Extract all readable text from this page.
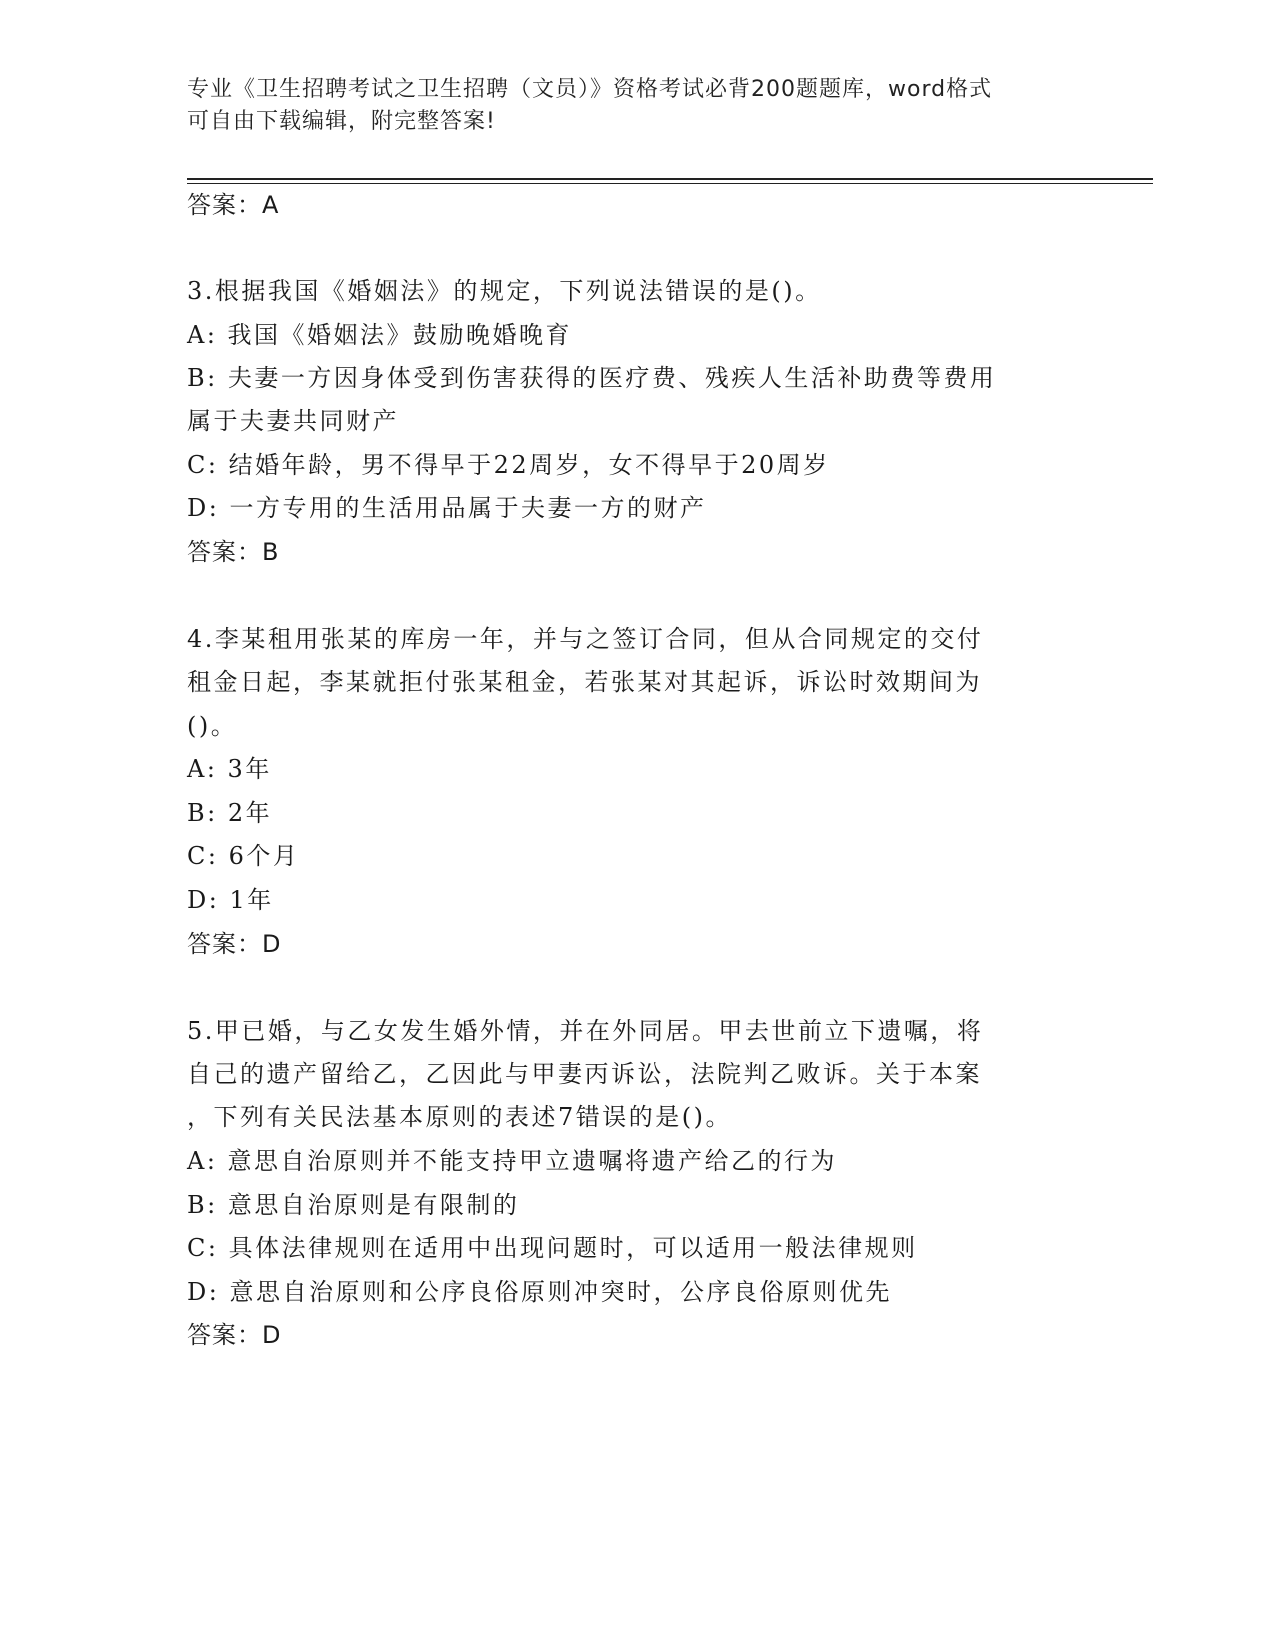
专业《卫生招聘考试之卫生招聘（文员）》资格考试必背200题题库，word格式
可自由下载编辑，附完整答案!
答案：A
3.根据我国《婚姻法》的规定，下列说法错误的是()。
A: 我国《婚姻法》鼓励晚婚晚育
B: 夫妻一方因身体受到伤害获得的医疗费、残疾人生活补助费等费用
属于夫妻共同财产
C: 结婚年龄，男不得早于22周岁，女不得早于20周岁
D: 一方专用的生活用品属于夫妻一方的财产
答案：B
4.李某租用张某的库房一年，并与之签订合同，但从合同规定的交付
租金日起，李某就拒付张某租金，若张某对其起诉，诉讼时效期间为
()。
A: 3年
B: 2年
C: 6个月
D: 1年
答案：D
5.甲已婚，与乙女发生婚外情，并在外同居。甲去世前立下遗嘱，将
自己的遗产留给乙，乙因此与甲妻丙诉讼，法院判乙败诉。关于本案
，下列有关民法基本原则的表述7错误的是()。
A: 意思自治原则并不能支持甲立遗嘱将遗产给乙的行为
B: 意思自治原则是有限制的
C: 具体法律规则在适用中出现问题时，可以适用一般法律规则
D: 意思自治原则和公序良俗原则冲突时，公序良俗原则优先
答案：D
